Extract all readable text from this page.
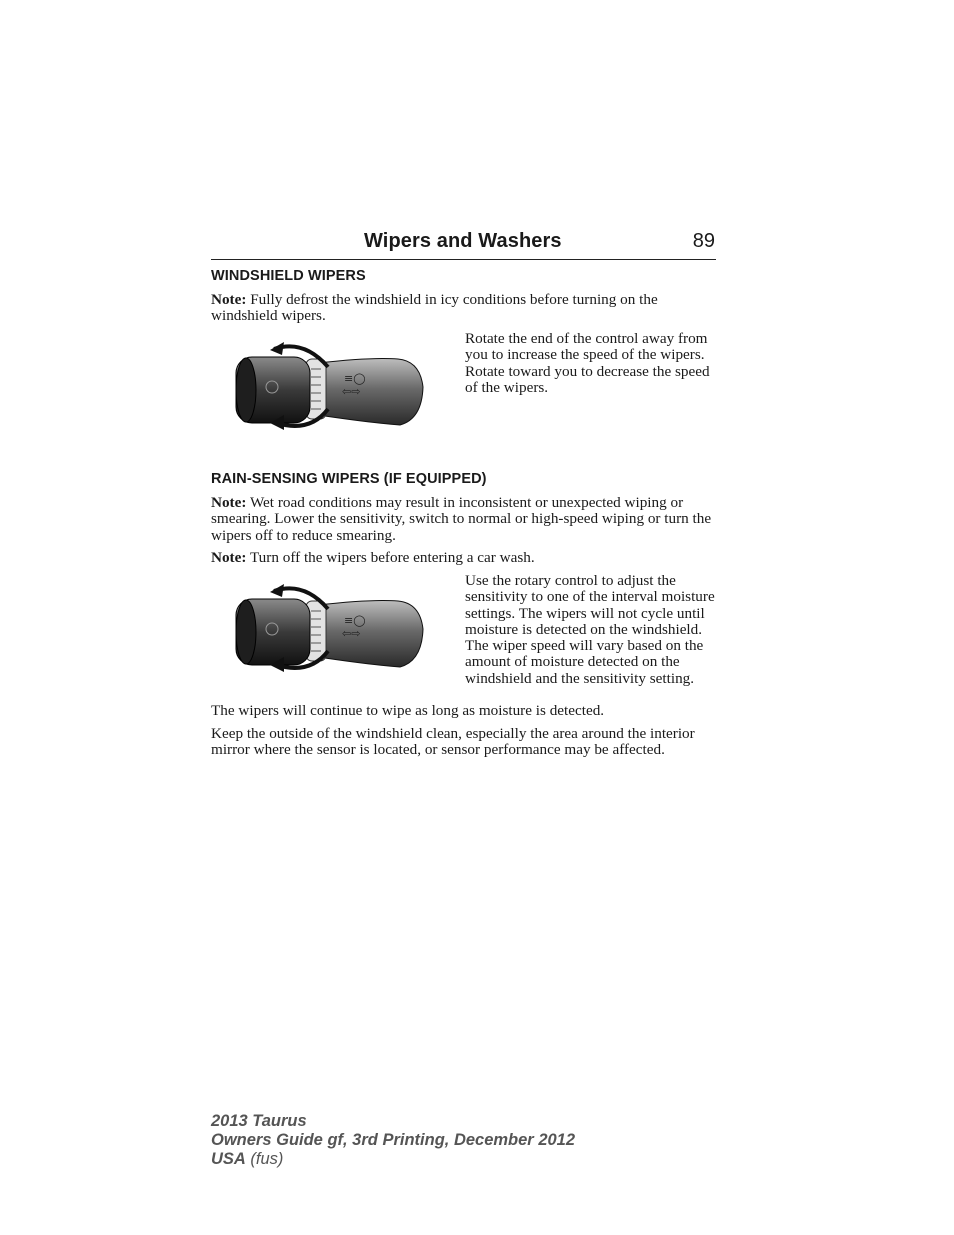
Wipers and Washers	89
WINDSHIELD WIPERS

Note: Fully defrost the windshield in icy conditions before turning on the windshield wipers.

≡◯
⇦⇨

Rotate the end of the control away from you to increase the speed of the wipers. Rotate toward you to decrease the speed of the wipers.

RAIN-SENSING WIPERS (IF EQUIPPED)

Note: Wet road conditions may result in inconsistent or unexpected wiping or smearing. Lower the sensitivity, switch to normal or high-speed wiping or turn the wipers off to reduce smearing.

Note: Turn off the wipers before entering a car wash.

≡◯
⇦⇨

Use the rotary control to adjust the sensitivity to one of the interval moisture settings. The wipers will not cycle until moisture is detected on the windshield. The wiper speed will vary based on the amount of moisture detected on the windshield and the sensitivity setting.

The wipers will continue to wipe as long as moisture is detected.

Keep the outside of the windshield clean, especially the area around the interior mirror where the sensor is located, or sensor performance may be affected.

2013 Taurus
Owners Guide gf, 3rd Printing, December 2012
USA (fus)
